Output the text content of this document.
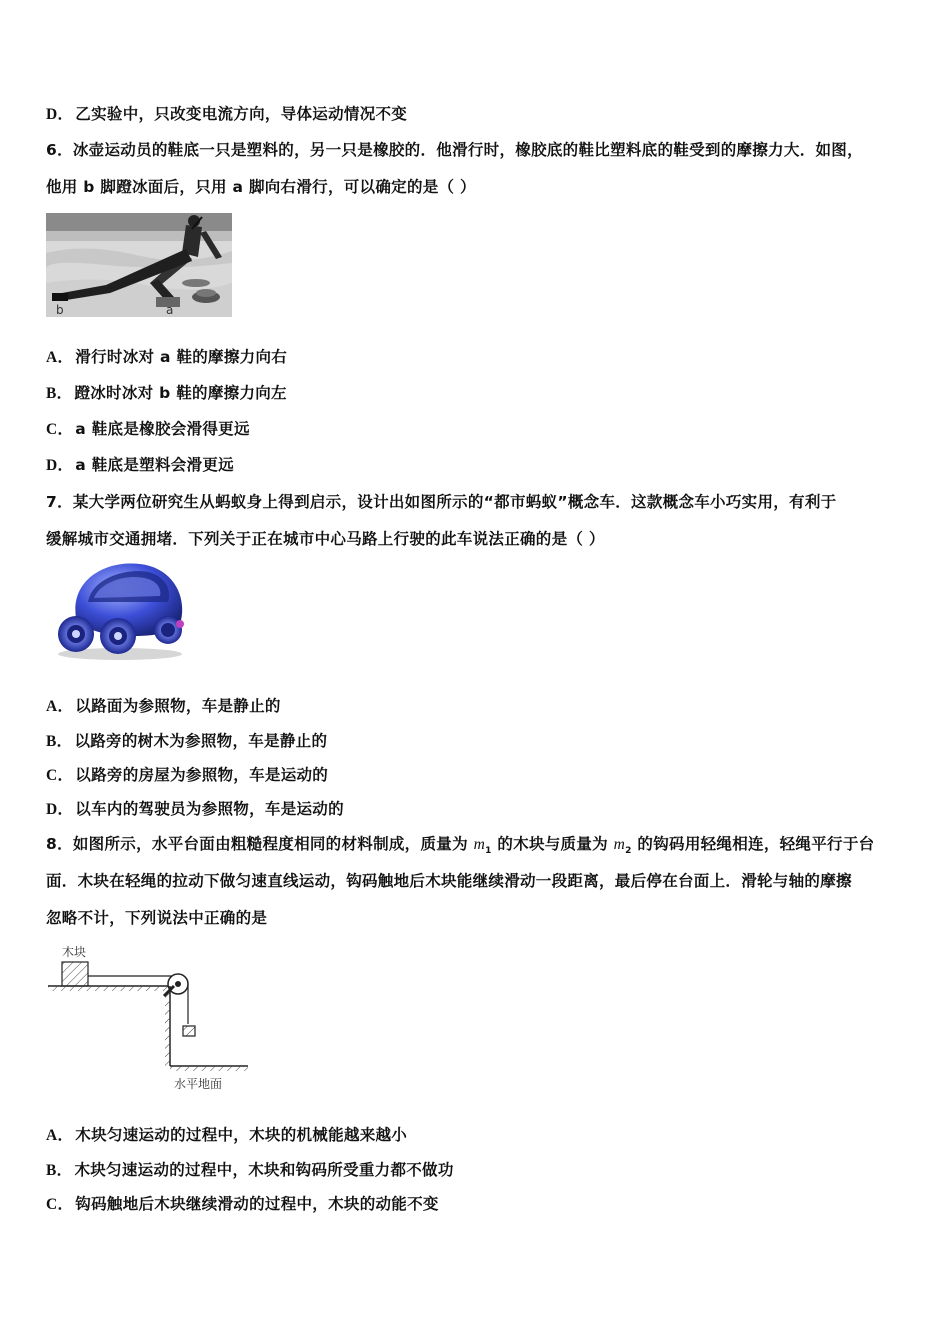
D． 乙实验中，只改变电流方向，导体运动情况不变
6．冰壶运动员的鞋底一只是塑料的，另一只是橡胶的．他滑行时，橡胶底的鞋比塑料底的鞋受到的摩擦力大．如图，
他用 b 脚蹬冰面后，只用 a 脚向右滑行，可以确定的是（ ）
b	a
A． 滑行时冰对 a 鞋的摩擦力向右
B． 蹬冰时冰对 b 鞋的摩擦力向左
C． a 鞋底是橡胶会滑得更远
D． a 鞋底是塑料会滑更远
7．某大学两位研究生从蚂蚁身上得到启示，设计出如图所示的“都市蚂蚁”概念车．这款概念车小巧实用，有利于
缓解城市交通拥堵．下列关于正在城市中心马路上行驶的此车说法正确的是（ ）
A． 以路面为参照物，车是静止的
B． 以路旁的树木为参照物，车是静止的
C． 以路旁的房屋为参照物，车是运动的
D． 以车内的驾驶员为参照物，车是运动的
8．如图所示，水平台面由粗糙程度相同的材料制成，质量为 $m_1$ 的木块与质量为 $m_2$ 的钩码用轻绳相连，轻绳平行于台
面．木块在轻绳的拉动下做匀速直线运动，钩码触地后木块能继续滑动一段距离，最后停在台面上．滑轮与轴的摩擦
忽略不计，下列说法中正确的是
木块
水平地面
A． 木块匀速运动的过程中，木块的机械能越来越小
B． 木块匀速运动的过程中，木块和钩码所受重力都不做功
C． 钩码触地后木块继续滑动的过程中，木块的动能不变
